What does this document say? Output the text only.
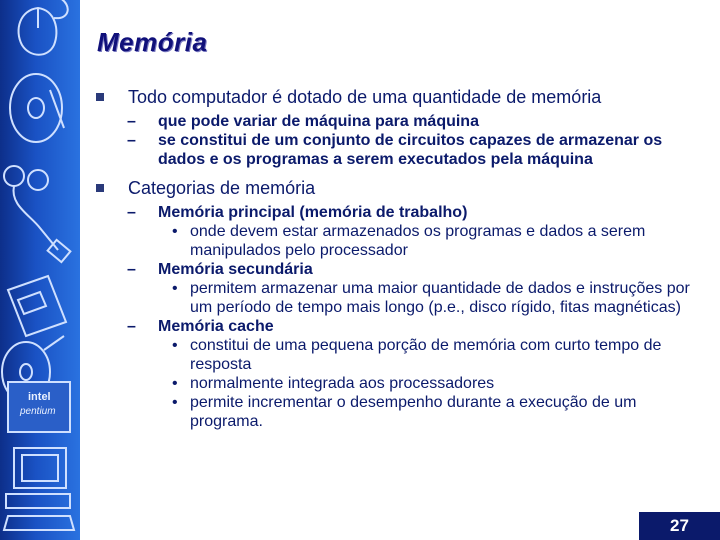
intel
pentium
Memória
Todo computador é dotado de uma quantidade de memória
– que pode variar de máquina para máquina
– se constitui de um conjunto de circuitos capazes de armazenar os dados e os programas a serem executados pela máquina
Categorias de memória
– Memória principal (memória de trabalho)
• onde devem estar armazenados os programas e dados a serem manipulados pelo processador
– Memória secundária
• permitem armazenar uma maior quantidade de dados e instruções por um período de tempo mais longo (p.e., disco rígido, fitas magnéticas)
– Memória cache
• constitui de uma pequena porção de memória com curto tempo de resposta
• normalmente integrada aos processadores
• permite incrementar o desempenho durante a execução de um programa.
27
